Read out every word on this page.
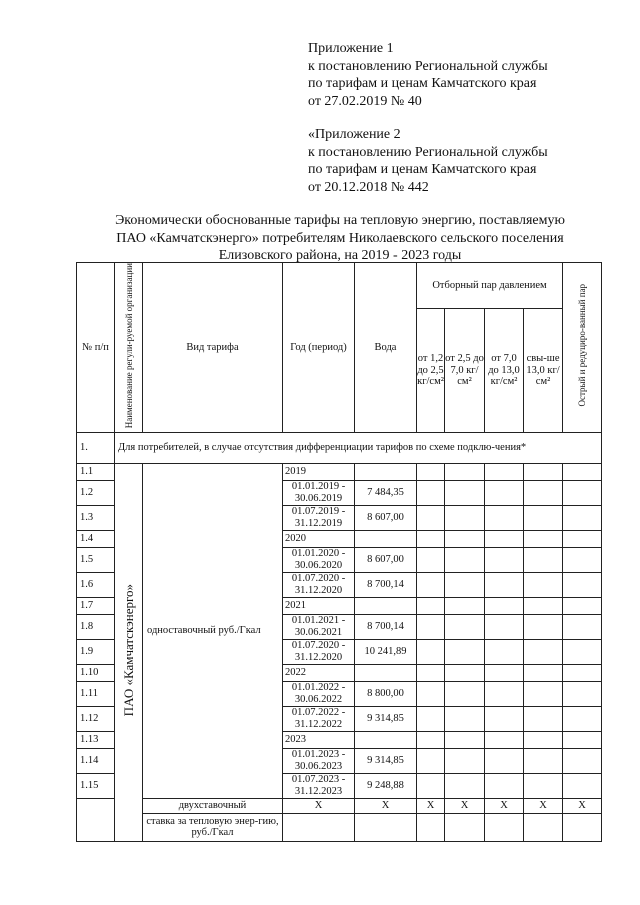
Приложение 1
к постановлению Региональной службы
по тарифам и ценам Камчатского края
от 27.02.2019 № 40
«Приложение 2
к постановлению Региональной службы
по тарифам и ценам Камчатского края
от 20.12.2018 № 442
Экономически обоснованные тарифы на тепловую энергию, поставляемую
ПАО «Камчатскэнерго» потребителям Николаевского сельского поселения
Елизовского района, на 2019 - 2023 годы
№ п/п	Наименование регули-руемой организации	Вид тарифа	Год (период)	Вода	Отборный пар давлением				Острый и редуциро-ванный пар
					от 1,2 до 2,5 кг/см²	от 2,5 до 7,0 кг/см²	от 7,0 до 13,0 кг/см²	свы-ше 13,0 кг/см²	
1.	Для потребителей, в случае отсутствия дифференциации тарифов по схеме подклю-чения*								
1.1	ПАО «Камчатскэнерго»	одноставочный руб./Гкал	2019						
1.2			01.01.2019 - 30.06.2019	7 484,35					
1.3			01.07.2019 - 31.12.2019	8 607,00					
1.4			2020						
1.5			01.01.2020 - 30.06.2020	8 607,00					
1.6			01.07.2020 - 31.12.2020	8 700,14					
1.7			2021						
1.8			01.01.2021 - 30.06.2021	8 700,14					
1.9			01.07.2020 - 31.12.2020	10 241,89					
1.10			2022						
1.11			01.01.2022 - 30.06.2022	8 800,00					
1.12			01.07.2022 - 31.12.2022	9 314,85					
1.13			2023						
1.14			01.01.2023 - 30.06.2023	9 314,85					
1.15			01.07.2023 - 31.12.2023	9 248,88					
		двухставочный	X	X	X	X	X	X	X
		ставка за тепловую энер-гию, руб./Гкал							
